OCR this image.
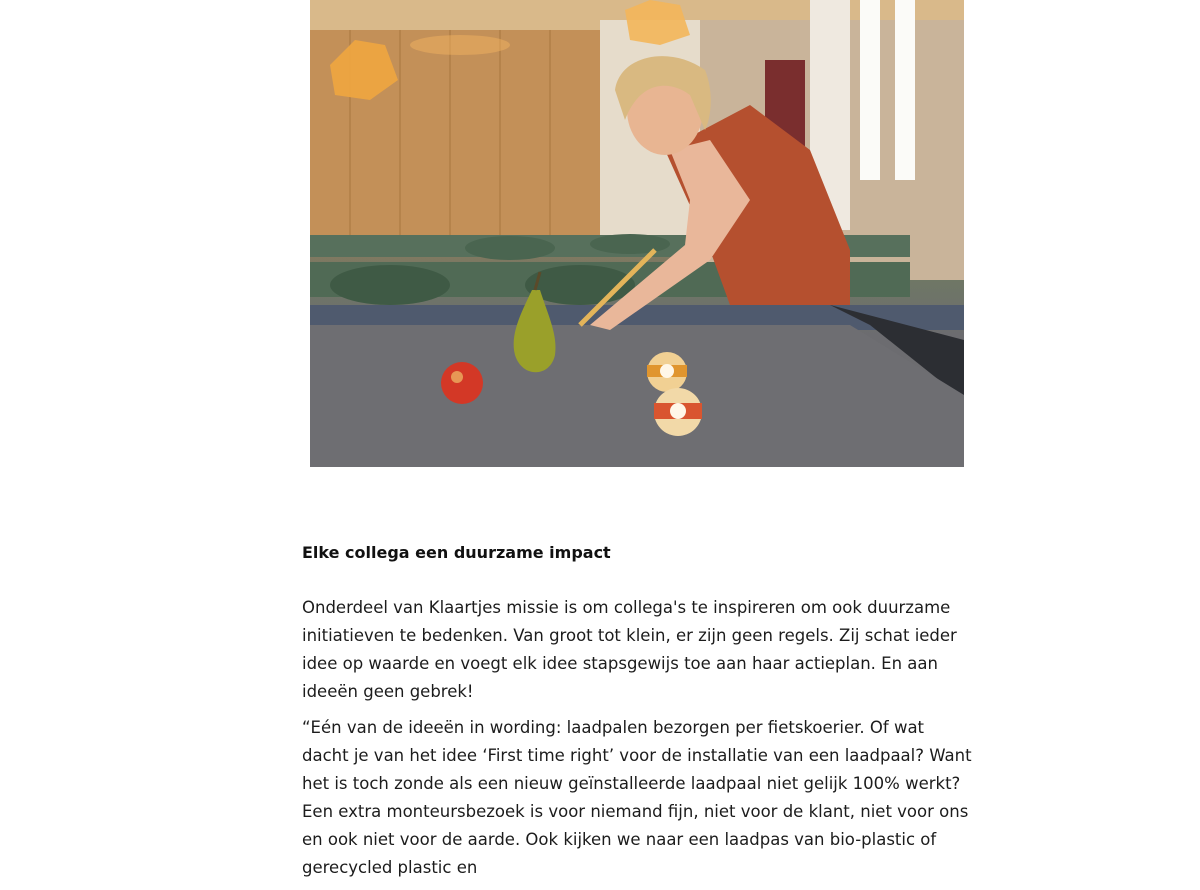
Elke collega een duurzame impact

Onderdeel van Klaartjes missie is om collega's te inspireren om ook duurzame initiatieven te bedenken. Van groot tot klein, er zijn geen regels. Zij schat ieder idee op waarde en voegt elk idee stapsgewijs toe aan haar actieplan. En aan ideeën geen gebrek!

“Eén van de ideeën in wording: laadpalen bezorgen per fietskoerier. Of wat dacht je van het idee ‘First time right’ voor de installatie van een laadpaal? Want het is toch zonde als een nieuw geïnstalleerde laadpaal niet gelijk 100% werkt? Een extra monteursbezoek is voor niemand fijn, niet voor de klant, niet voor ons en ook niet voor de aarde. Ook kijken we naar een laadpas van bio-plastic of gerecycled plastic en
